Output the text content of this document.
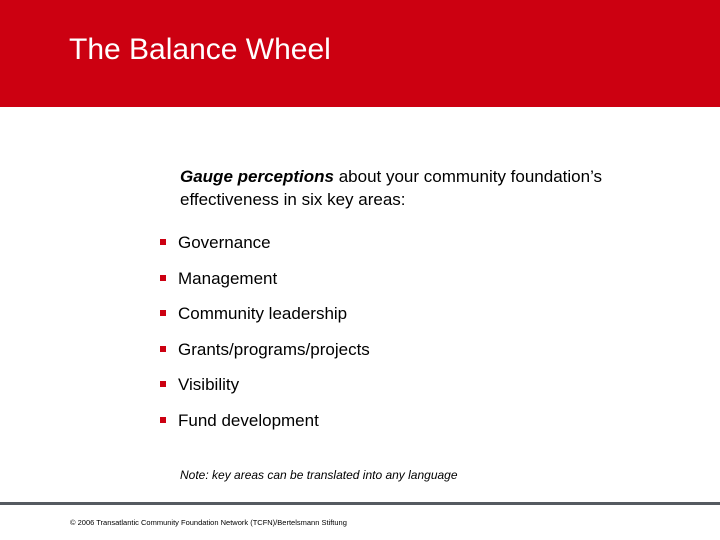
The Balance Wheel
Gauge perceptions about your community foundation’s effectiveness in six key areas:
Governance
Management
Community leadership
Grants/programs/projects
Visibility
Fund development
Note: key areas can be translated into any language
© 2006 Transatlantic Community Foundation Network (TCFN)/Bertelsmann Stiftung
